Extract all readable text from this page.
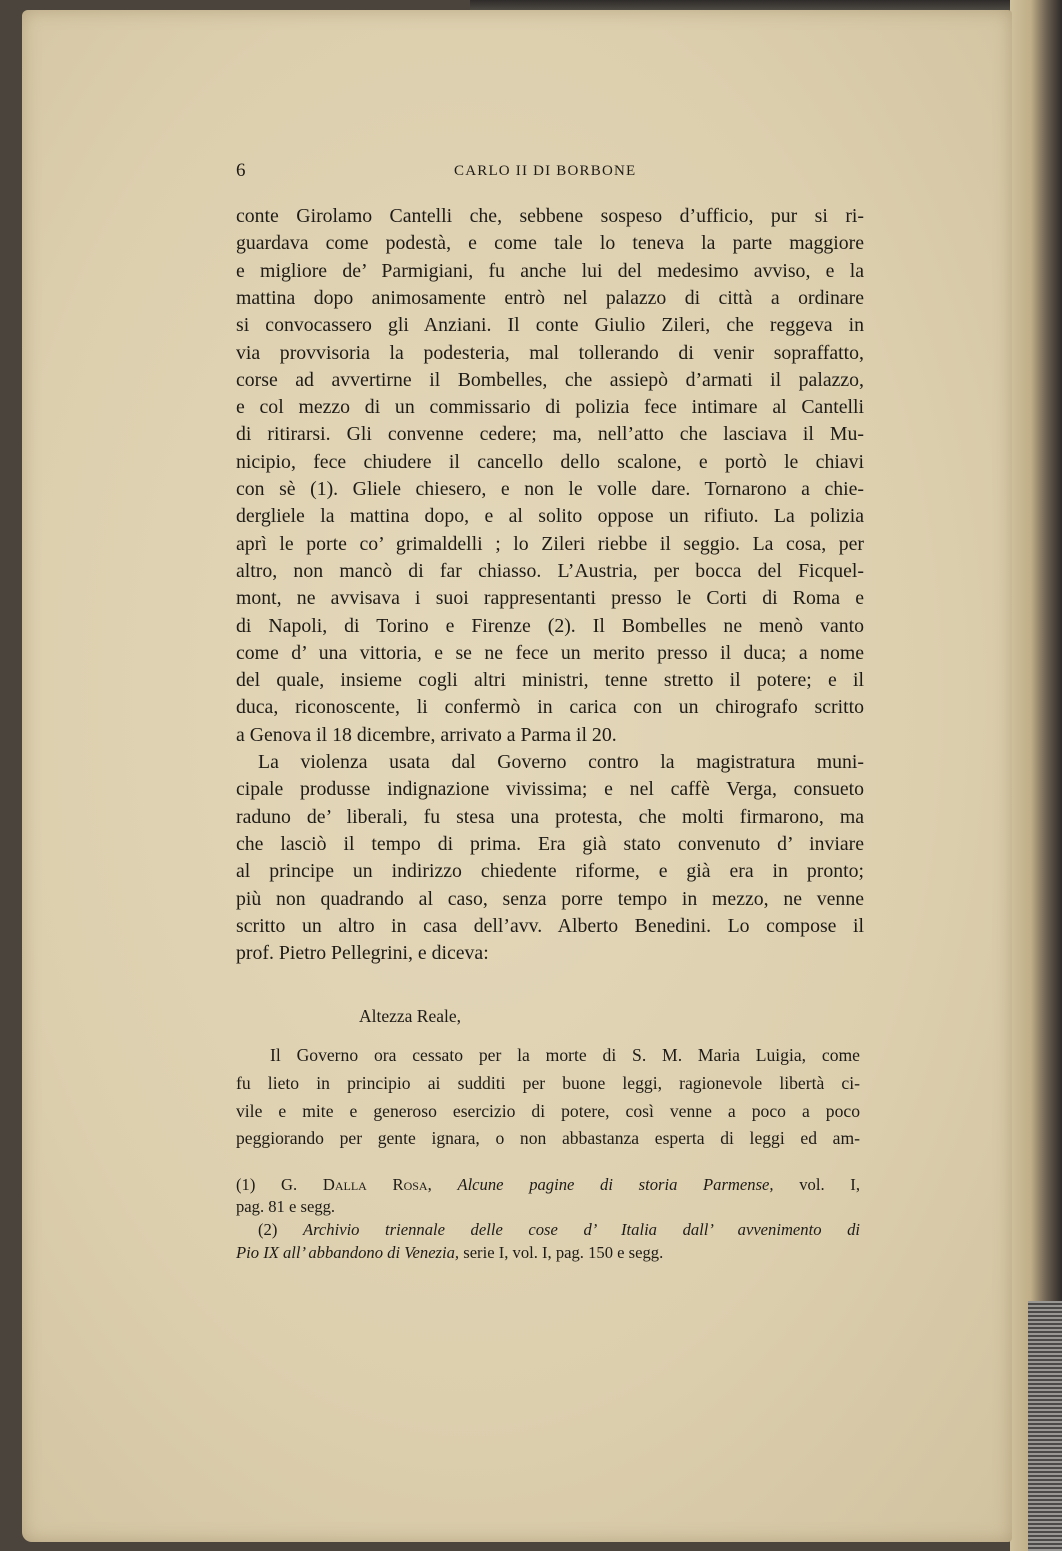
6	CARLO II DI BORBONE
conte Girolamo Cantelli che, sebbene sospeso d’ufficio, pur si ri-
guardava come podestà, e come tale lo teneva la parte maggiore
e migliore de’ Parmigiani, fu anche lui del medesimo avviso, e la
mattina dopo animosamente entrò nel palazzo di città a ordinare
si convocassero gli Anziani. Il conte Giulio Zileri, che reggeva in
via provvisoria la podesteria, mal tollerando di venir sopraffatto,
corse ad avvertirne il Bombelles, che assiepò d’armati il palazzo,
e col mezzo di un commissario di polizia fece intimare al Cantelli
di ritirarsi. Gli convenne cedere; ma, nell’atto che lasciava il Mu-
nicipio, fece chiudere il cancello dello scalone, e portò le chiavi
con sè (1). Gliele chiesero, e non le volle dare. Tornarono a chie-
dergliele la mattina dopo, e al solito oppose un rifiuto. La polizia
aprì le porte co’ grimaldelli ; lo Zileri riebbe il seggio. La cosa, per
altro, non mancò di far chiasso. L’Austria, per bocca del Ficquel-
mont, ne avvisava i suoi rappresentanti presso le Corti di Roma e
di Napoli, di Torino e Firenze (2). Il Bombelles ne menò vanto
come d’ una vittoria, e se ne fece un merito presso il duca; a nome
del quale, insieme cogli altri ministri, tenne stretto il potere; e il
duca, riconoscente, li confermò in carica con un chirografo scritto
a Genova il 18 dicembre, arrivato a Parma il 20.
La violenza usata dal Governo contro la magistratura muni-
cipale produsse indignazione vivissima; e nel caffè Verga, consueto
raduno de’ liberali, fu stesa una protesta, che molti firmarono, ma
che lasciò il tempo di prima. Era già stato convenuto d’ inviare
al principe un indirizzo chiedente riforme, e già era in pronto;
più non quadrando al caso, senza porre tempo in mezzo, ne venne
scritto un altro in casa dell’avv. Alberto Benedini. Lo compose il
prof. Pietro Pellegrini, e diceva:
Altezza Reale,
Il Governo ora cessato per la morte di S. M. Maria Luigia, come
fu lieto in principio ai sudditi per buone leggi, ragionevole libertà ci-
vile e mite e generoso esercizio di potere, così venne a poco a poco
peggiorando per gente ignara, o non abbastanza esperta di leggi ed am-
(1) G. Dalla Rosa, Alcune pagine di storia Parmense, vol. I,
pag. 81 e segg.
(2) Archivio triennale delle cose d’ Italia dall’ avvenimento di
Pio IX all’ abbandono di Venezia, serie I, vol. I, pag. 150 e segg.
